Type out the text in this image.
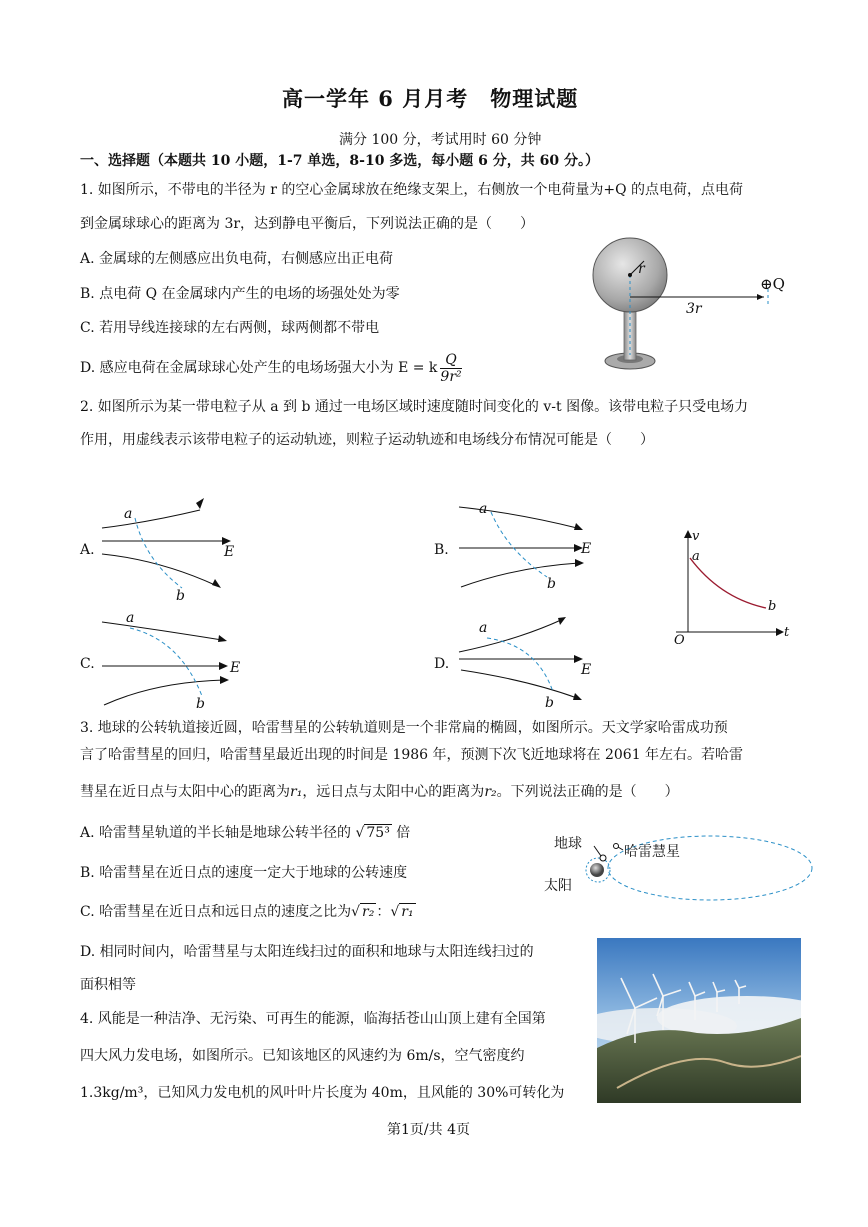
高一学年 6 月月考　物理试题
满分 100 分，考试用时 60 分钟
一、选择题（本题共 10 小题，1-7 单选，8-10 多选，每小题 6 分，共 60 分。）
1. 如图所示，不带电的半径为 r 的空心金属球放在绝缘支架上，右侧放一个电荷量为+Q 的点电荷，点电荷
到金属球球心的距离为 3r，达到静电平衡后，下列说法正确的是（　　）
A. 金属球的左侧感应出负电荷，右侧感应出正电荷
B. 点电荷 Q 在金属球内产生的电场的场强处处为零
C. 若用导线连接球的左右两侧，球两侧都不带电
D. 感应电荷在金属球球心处产生的电场场强大小为 E = k $\frac{Q}{\text{9r²}}$
r
3r
⊕Q
2. 如图所示为某一带电粒子从 a 到 b 通过一电场区域时速度随时间变化的 v-t 图像。该带电粒子只受电场力
作用，用虚线表示该带电粒子的运动轨迹，则粒子运动轨迹和电场线分布情况可能是（　　）
A.
a
b
E	B.
a
b
E
C.
a
b
E	D.
a
b
E
v
t
O
a
b
3. 地球的公转轨道接近圆，哈雷彗星的公转轨道则是一个非常扁的椭圆，如图所示。天文学家哈雷成功预
言了哈雷彗星的回归，哈雷彗星最近出现的时间是 1986 年，预测下次飞近地球将在 2061 年左右。若哈雷
彗星在近日点与太阳中心的距离为r₁，远日点与太阳中心的距离为r₂。下列说法正确的是（　　）
A. 哈雷彗星轨道的半长轴是地球公转半径的 √ 75³ 倍
B. 哈雷彗星在近日点的速度一定大于地球的公转速度
C. 哈雷彗星在近日点和远日点的速度之比为√ r₂ ：√ r₁
D. 相同时间内，哈雷彗星与太阳连线扫过的面积和地球与太阳连线扫过的
面积相等
地球	哈雷慧星
太阳
4. 风能是一种洁净、无污染、可再生的能源，临海括苍山山顶上建有全国第
四大风力发电场，如图所示。已知该地区的风速约为 6m/s，空气密度约
1.3kg/m³，已知风力发电机的风叶叶片长度为 40m，且风能的 30%可转化为
第1页/共 4页
